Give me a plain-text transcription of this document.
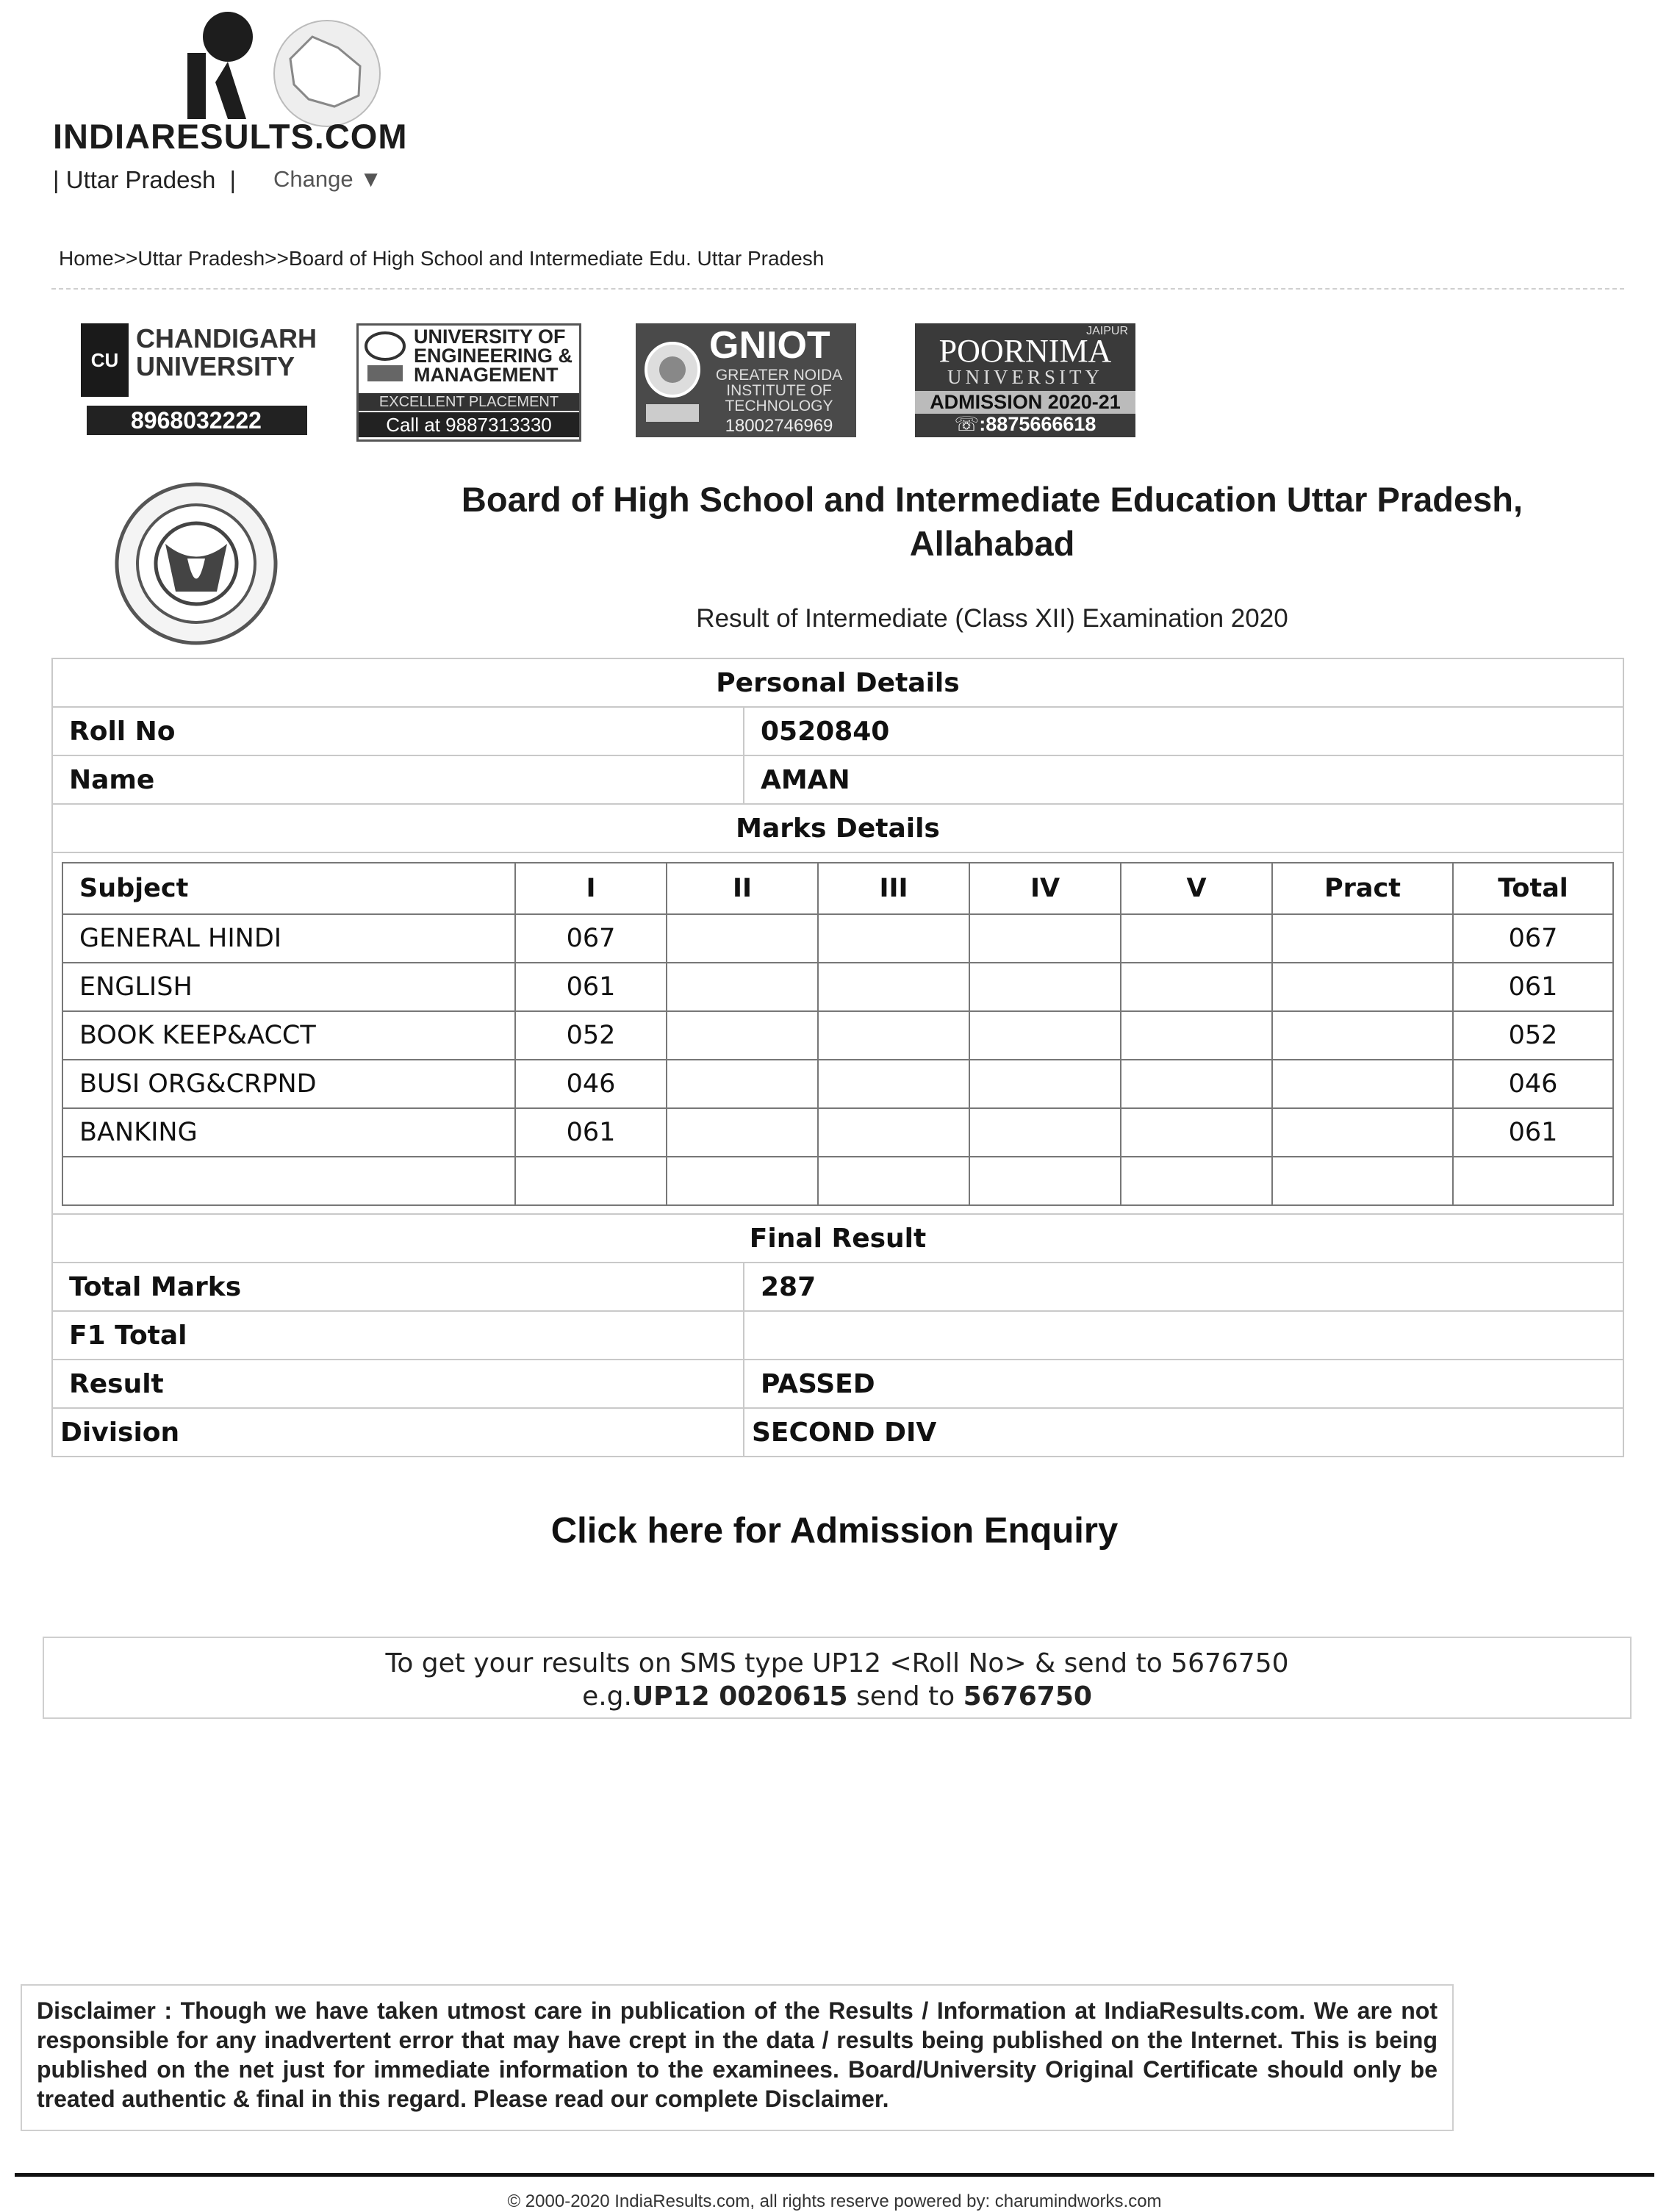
INDIARESULTS.COM
| Uttar Pradesh |	Change ▼
Home>>Uttar Pradesh>>Board of High School and Intermediate Edu. Uttar Pradesh
CU
CHANDIGARH UNIVERSITY
8968032222
UNIVERSITY OF ENGINEERING & MANAGEMENT
EXCELLENT PLACEMENT
Call at 9887313330
GNIOT
GREATER NOIDA INSTITUTE OF TECHNOLOGY
18002746969
JAIPUR
POORNIMA
UNIVERSITY
ADMISSION 2020-21
☏:8875666618
Board of High School and Intermediate Education Uttar Pradesh, Allahabad
Result of Intermediate (Class XII) Examination 2020
Personal Details
Roll No	0520840
Name	AMAN
Marks Details

Subject	I	II	III	IV	V	Pract	Total
GENERAL HINDI	067						067
ENGLISH	061						061
BOOK KEEP&ACCT	052						052
BUSI ORG&CRPND	046						046
BANKING	061						061

Final Result
Total Marks	287
F1 Total	
Result	PASSED
Division	SECOND DIV
Click here for Admission Enquiry
To get your results on SMS type UP12 <Roll No> & send to 5676750
e.g.UP12 0020615 send to 5676750
Disclaimer : Though we have taken utmost care in publication of the Results / Information at IndiaResults.com. We are not responsible for any inadvertent error that may have crept in the data / results being published on the Internet. This is being published on the net just for immediate information to the examinees. Board/University Original Certificate should only be treated authentic & final in this regard. Please read our complete Disclaimer.
© 2000-2020 IndiaResults.com, all rights reserve powered by: charumindworks.com
